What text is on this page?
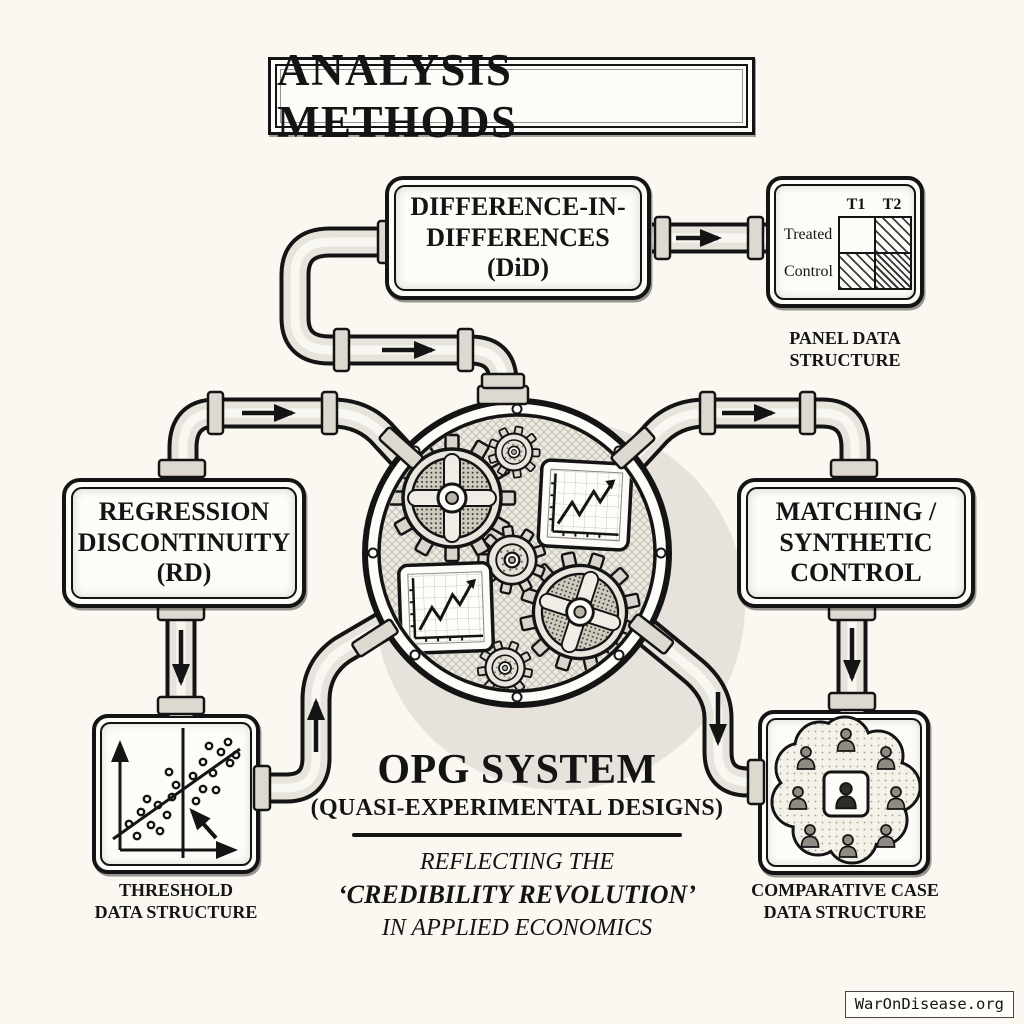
ANALYSIS METHODS
DIFFERENCE-IN-
DIFFERENCES
(DiD)
REGRESSION
DISCONTINUITY
(RD)
MATCHING /
SYNTHETIC
CONTROL
T1	T2
Treated
Control
PANEL DATA
STRUCTURE
THRESHOLD
DATA STRUCTURE
COMPARATIVE CASE
DATA STRUCTURE
OPG SYSTEM
(QUASI-EXPERIMENTAL DESIGNS)
REFLECTING THE
‘CREDIBILITY REVOLUTION’
IN APPLIED ECONOMICS
WarOnDisease.org
